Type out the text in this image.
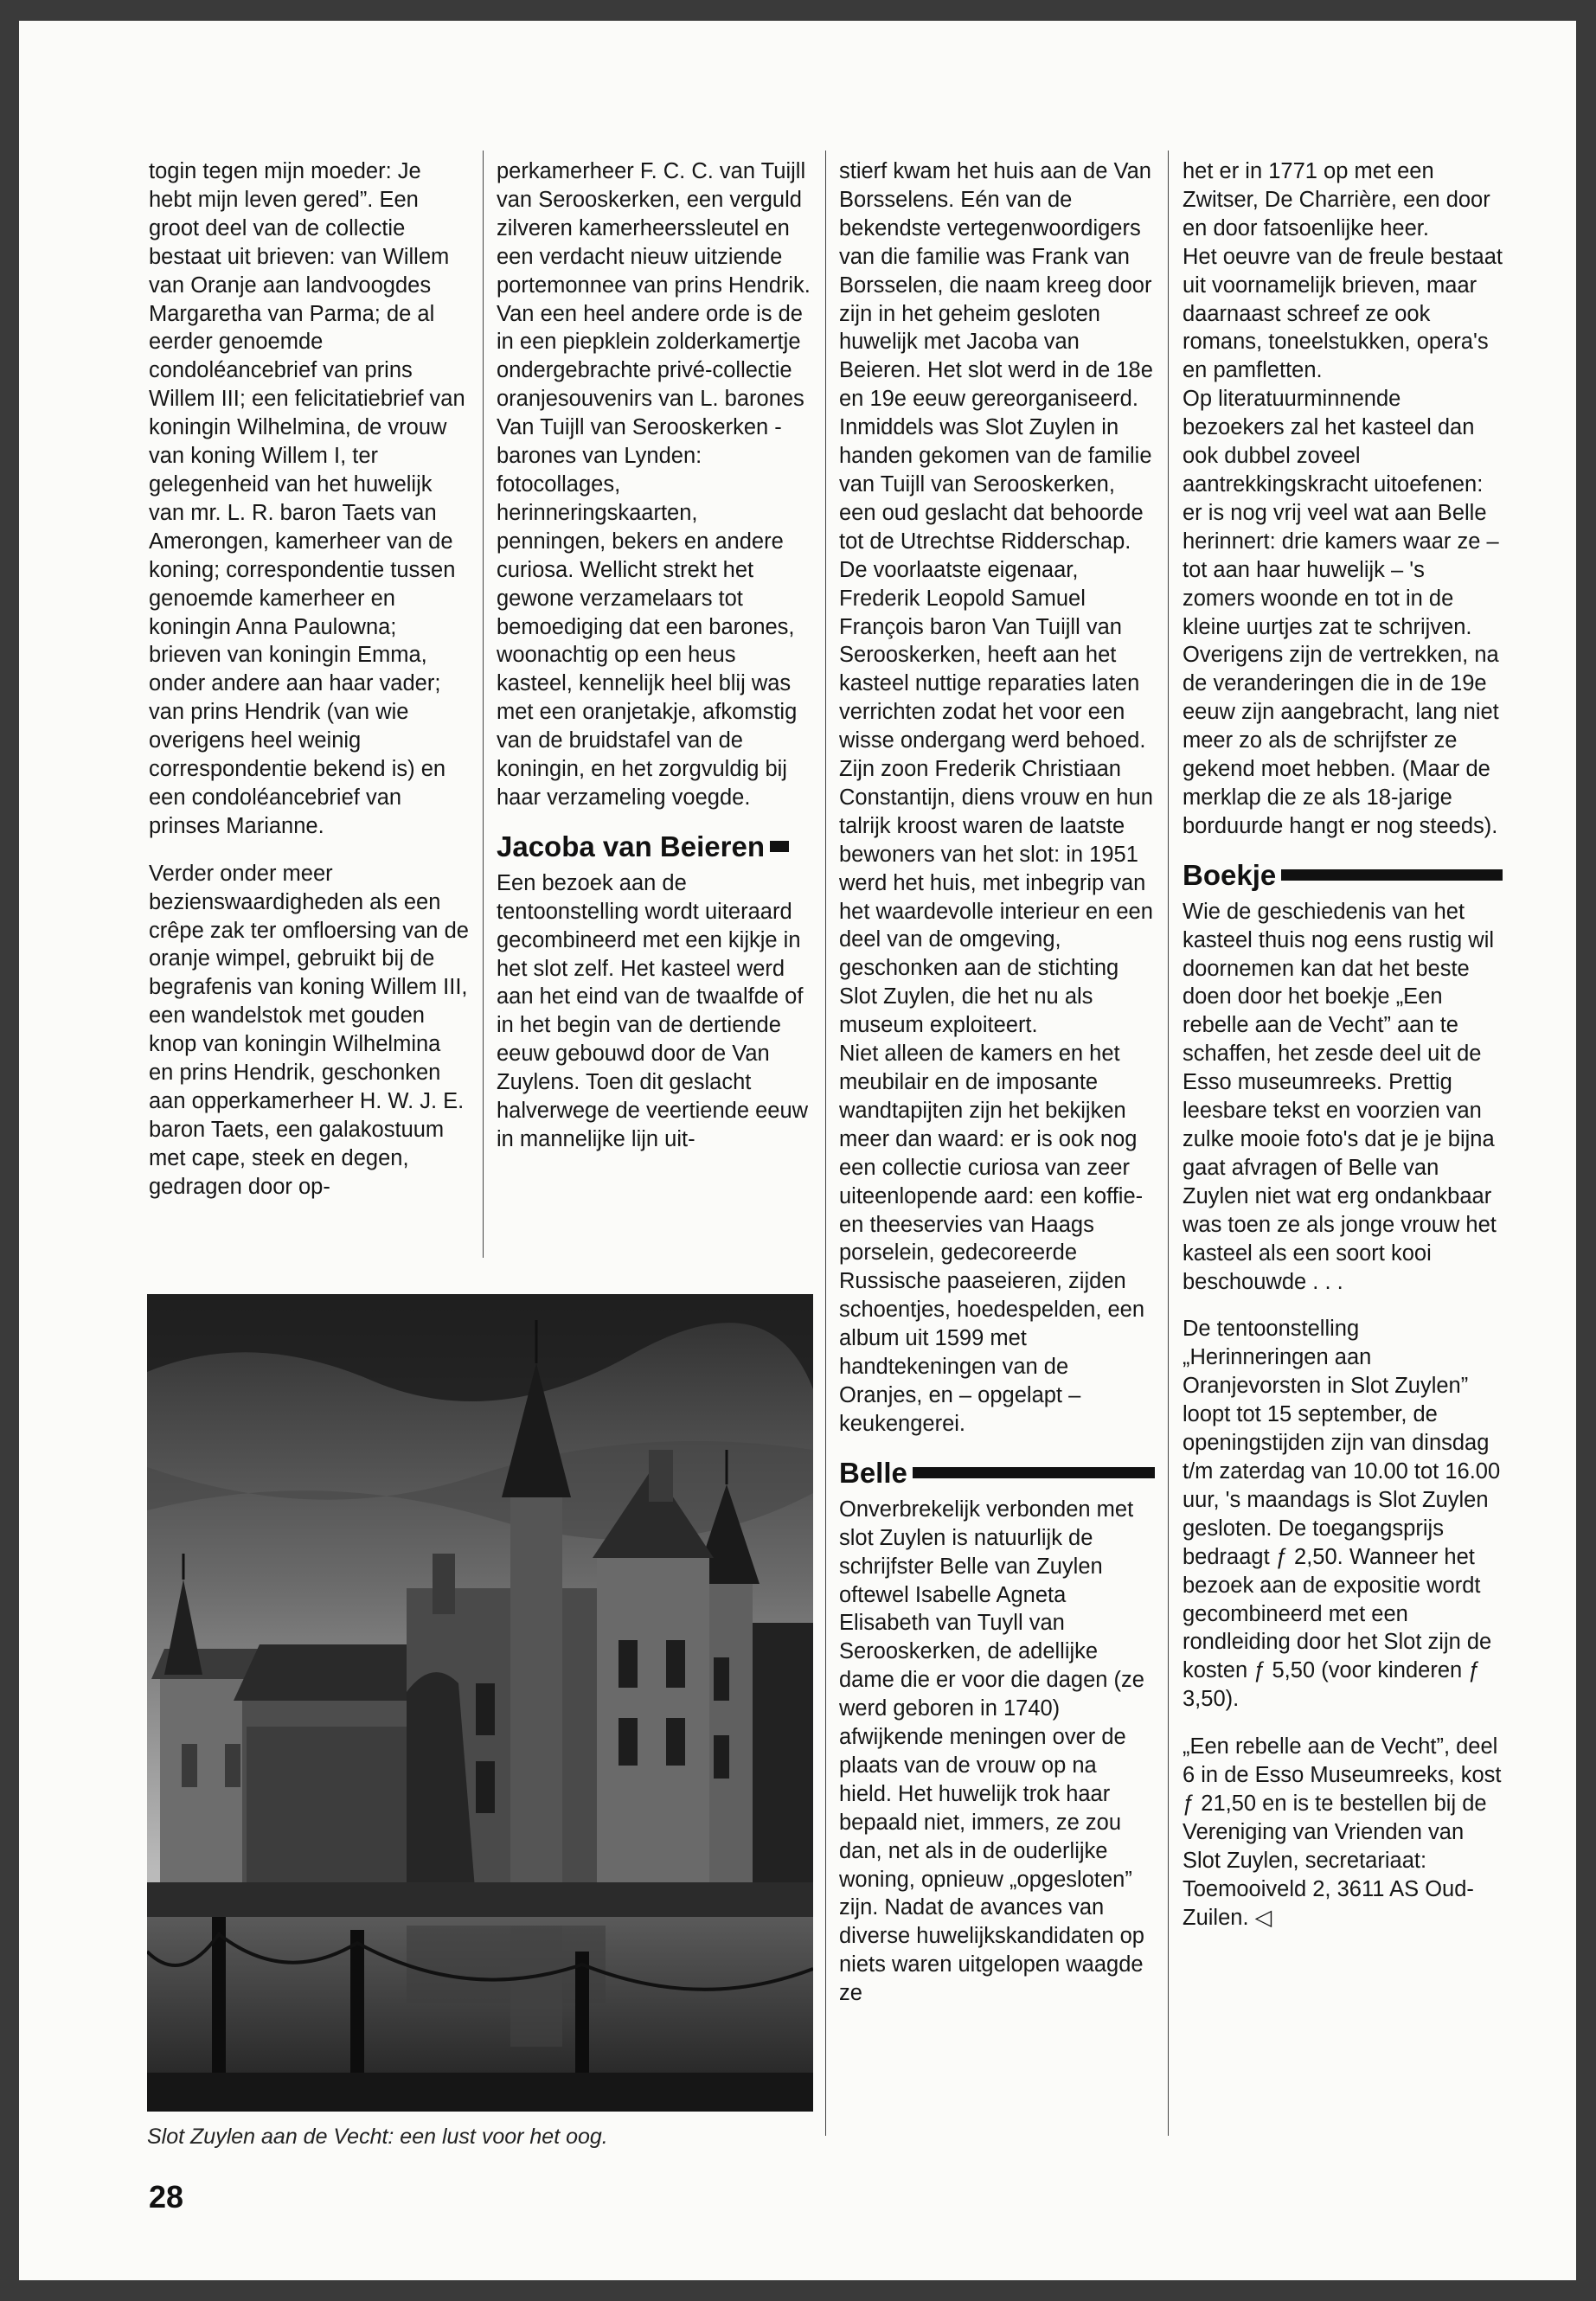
togin tegen mijn moeder: Je hebt mijn leven gered”. Een groot deel van de collectie bestaat uit brieven: van Willem van Oranje aan landvoogdes Margaretha van Parma; de al eerder genoemde condoléancebrief van prins Willem III; een felicitatiebrief van koningin Wilhelmina, de vrouw van koning Willem I, ter gelegenheid van het huwelijk van mr. L. R. baron Taets van Amerongen, kamerheer van de koning; correspondentie tussen genoemde kamerheer en koningin Anna Paulowna; brieven van koningin Emma, onder andere aan haar vader; van prins Hendrik (van wie overigens heel weinig correspondentie bekend is) en een condoléancebrief van prinses Marianne.

Verder onder meer bezienswaardigheden als een crêpe zak ter omfloersing van de oranje wimpel, gebruikt bij de begrafenis van koning Willem III, een wandelstok met gouden knop van koningin Wilhelmina en prins Hendrik, geschonken aan opperkamerheer H. W. J. E. baron Taets, een galakostuum met cape, steek en degen, gedragen door op-

perkamerheer F. C. C. van Tuijll van Serooskerken, een verguld zilveren kamerheerssleutel en een verdacht nieuw uitziende portemonnee van prins Hendrik.

Van een heel andere orde is de in een piepklein zolderkamertje ondergebrachte privé-collectie oranjesouvenirs van L. barones Van Tuijll van Serooskerken - barones van Lynden: fotocollages, herinneringskaarten, penningen, bekers en andere curiosa. Wellicht strekt het gewone verzamelaars tot bemoediging dat een barones, woonachtig op een heus kasteel, kennelijk heel blij was met een oranjetakje, afkomstig van de bruidstafel van de koningin, en het zorgvuldig bij haar verzameling voegde.

Jacoba van Beieren

Een bezoek aan de tentoonstelling wordt uiteraard gecombineerd met een kijkje in het slot zelf. Het kasteel werd aan het eind van de twaalfde of in het begin van de dertiende eeuw gebouwd door de Van Zuylens. Toen dit geslacht halverwege de veertiende eeuw in mannelijke lijn uit-

stierf kwam het huis aan de Van Borsselens. Eén van de bekendste vertegenwoordigers van die familie was Frank van Borsselen, die naam kreeg door zijn in het geheim gesloten huwelijk met Jacoba van Beieren. Het slot werd in de 18e en 19e eeuw gereorganiseerd. Inmiddels was Slot Zuylen in handen gekomen van de familie van Tuijll van Serooskerken, een oud geslacht dat behoorde tot de Utrechtse Ridderschap. De voorlaatste eigenaar, Frederik Leopold Samuel François baron Van Tuijll van Serooskerken, heeft aan het kasteel nuttige reparaties laten verrichten zodat het voor een wisse ondergang werd behoed. Zijn zoon Frederik Christiaan Constantijn, diens vrouw en hun talrijk kroost waren de laatste bewoners van het slot: in 1951 werd het huis, met inbegrip van het waardevolle interieur en een deel van de omgeving, geschonken aan de stichting Slot Zuylen, die het nu als museum exploiteert.

Niet alleen de kamers en het meubilair en de imposante wandtapijten zijn het bekijken meer dan waard: er is ook nog een collectie curiosa van zeer uiteenlopende aard: een koffie- en theeservies van Haags porselein, gedecoreerde Russische paaseieren, zijden schoentjes, hoedespelden, een album uit 1599 met handtekeningen van de Oranjes, en – opgelapt – keukengerei.

Belle

Onverbrekelijk verbonden met slot Zuylen is natuurlijk de schrijfster Belle van Zuylen oftewel Isabelle Agneta Elisabeth van Tuyll van Serooskerken, de adellijke dame die er voor die dagen (ze werd geboren in 1740) afwijkende meningen over de plaats van de vrouw op na hield. Het huwelijk trok haar bepaald niet, immers, ze zou dan, net als in de ouderlijke woning, opnieuw „opgesloten” zijn. Nadat de avances van diverse huwelijkskandidaten op niets waren uitgelopen waagde ze

het er in 1771 op met een Zwitser, De Charrière, een door en door fatsoenlijke heer.

Het oeuvre van de freule bestaat uit voornamelijk brieven, maar daarnaast schreef ze ook romans, toneelstukken, opera's en pamfletten.

Op literatuurminnende bezoekers zal het kasteel dan ook dubbel zoveel aantrekkingskracht uitoefenen: er is nog vrij veel wat aan Belle herinnert: drie kamers waar ze – tot aan haar huwelijk – 's zomers woonde en tot in de kleine uurtjes zat te schrijven. Overigens zijn de vertrekken, na de veranderingen die in de 19e eeuw zijn aangebracht, lang niet meer zo als de schrijfster ze gekend moet hebben. (Maar de merklap die ze als 18-jarige borduurde hangt er nog steeds).

Boekje

Wie de geschiedenis van het kasteel thuis nog eens rustig wil doornemen kan dat het beste doen door het boekje „Een rebelle aan de Vecht” aan te schaffen, het zesde deel uit de Esso museumreeks. Prettig leesbare tekst en voorzien van zulke mooie foto's dat je je bijna gaat afvragen of Belle van Zuylen niet wat erg ondankbaar was toen ze als jonge vrouw het kasteel als een soort kooi beschouwde . . .

De tentoonstelling „Herinneringen aan Oranjevorsten in Slot Zuylen” loopt tot 15 september, de openingstijden zijn van dinsdag t/m zaterdag van 10.00 tot 16.00 uur, 's maandags is Slot Zuylen gesloten. De toegangsprijs bedraagt ƒ 2,50. Wanneer het bezoek aan de expositie wordt gecombineerd met een rondleiding door het Slot zijn de kosten ƒ 5,50 (voor kinderen ƒ 3,50).

„Een rebelle aan de Vecht”, deel 6 in de Esso Museumreeks, kost ƒ 21,50 en is te bestellen bij de Vereniging van Vrienden van Slot Zuylen, secretariaat: Toemooiveld 2, 3611 AS Oud-Zuilen. ◁

Slot Zuylen aan de Vecht: een lust voor het oog.
28
